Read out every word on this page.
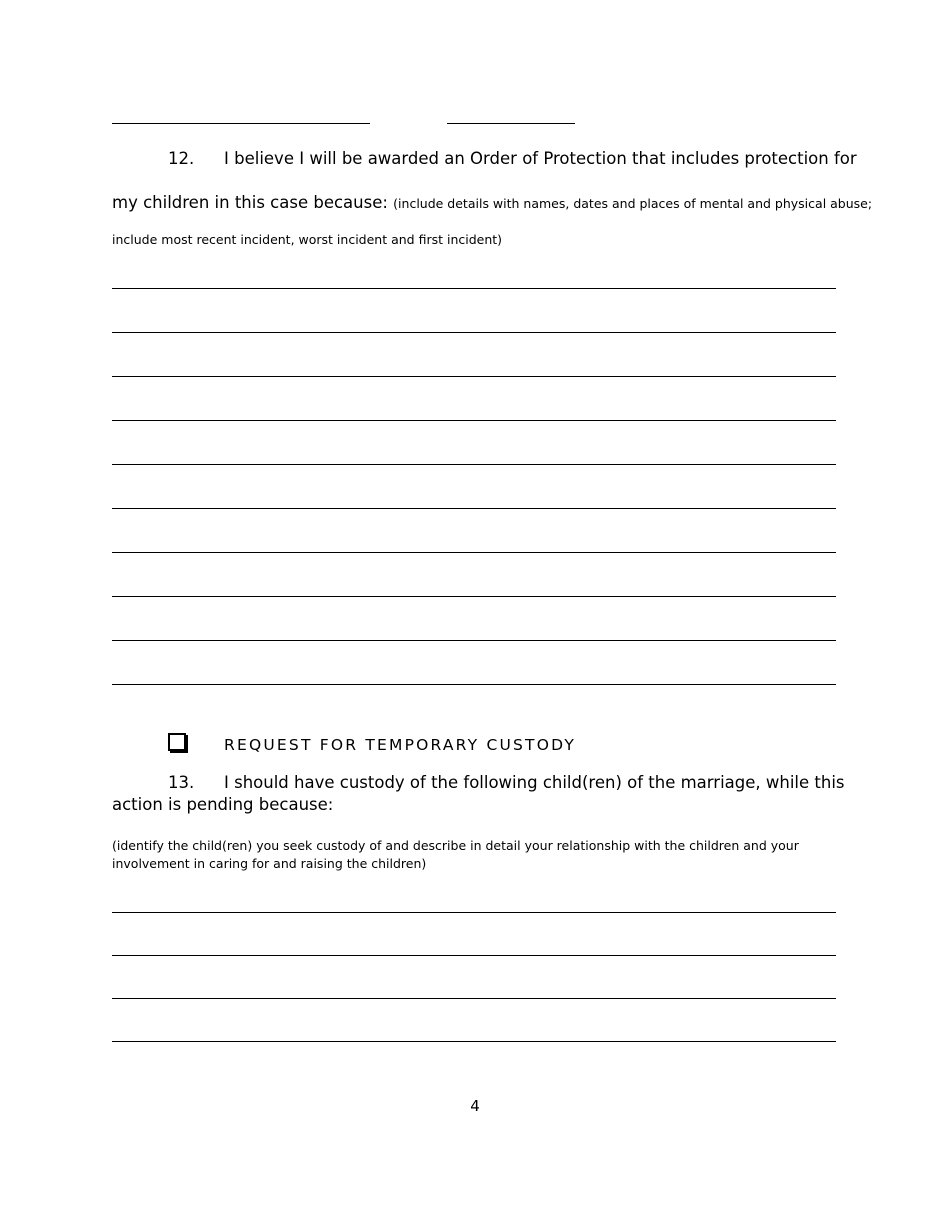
12. I believe I will be awarded an Order of Protection that includes protection for
my children in this case because: (include details with names, dates and places of mental and physical abuse;
include most recent incident, worst incident and first incident)
REQUEST FOR TEMPORARY CUSTODY
13. I should have custody of the following child(ren) of the marriage, while this
action is pending because:
(identify the child(ren) you seek custody of and describe in detail your relationship with the children and your involvement in caring for and raising the children)
4
